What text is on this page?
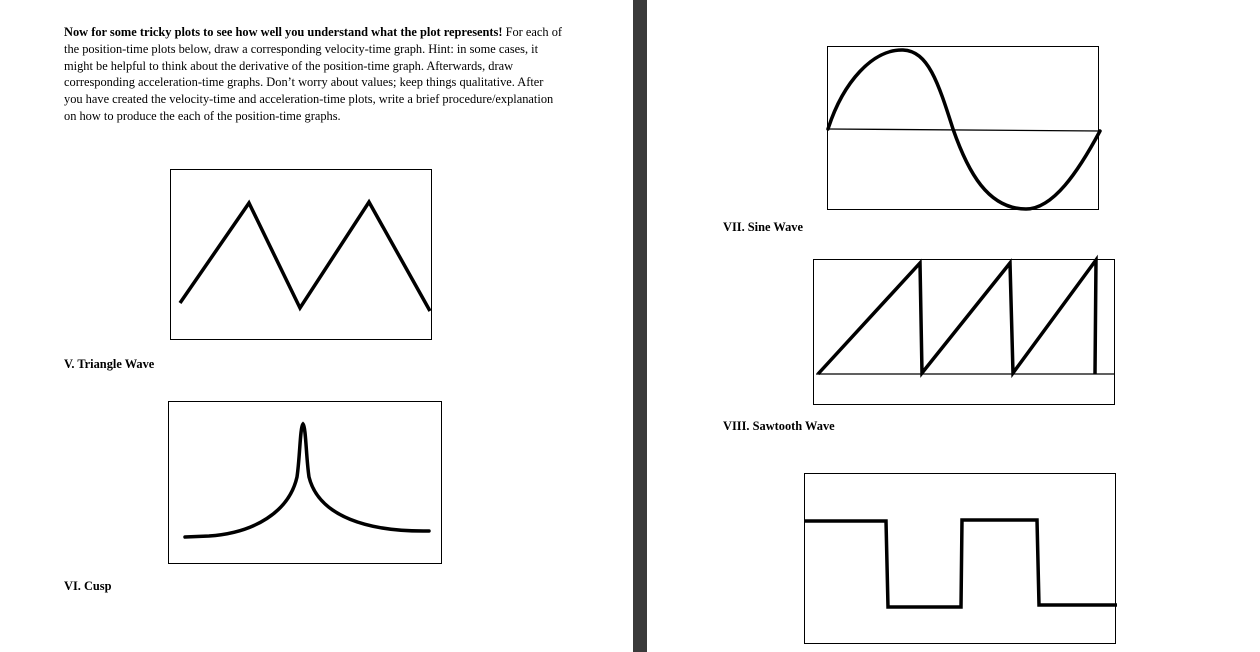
Now for some tricky plots to see how well you understand what the plot represents! For each of the position-time plots below, draw a corresponding velocity-time graph. Hint: in some cases, it might be helpful to think about the derivative of the position-time graph. Afterwards, draw corresponding acceleration-time graphs. Don’t worry about values; keep things qualitative. After you have created the velocity-time and acceleration-time plots, write a brief procedure/explanation on how to produce the each of the position-time graphs.

V. Triangle Wave

VI. Cusp

VII. Sine Wave

VIII. Sawtooth Wave
